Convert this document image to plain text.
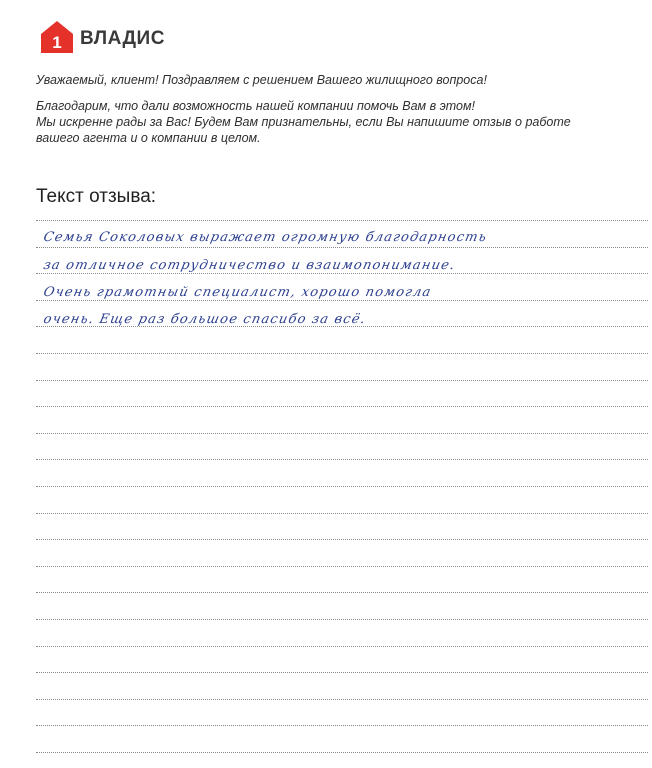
1 ВЛАДИС

Уважаемый, клиент! Поздравляем с решением Вашего жилищного вопроса!

Благодарим, что дали возможность нашей компании помочь Вам в этом!
Мы искренне рады за Вас! Будем Вам признательны, если Вы напишите отзыв о работе
вашего агента и о компании в целом.

Текст отзыва:
Семья Соколовых выражает огромную благодарность
за отличное сотрудничество и взаимопонимание.
Очень грамотный специалист, хорошо помогла
очень. Еще раз большое спасибо за всё.
